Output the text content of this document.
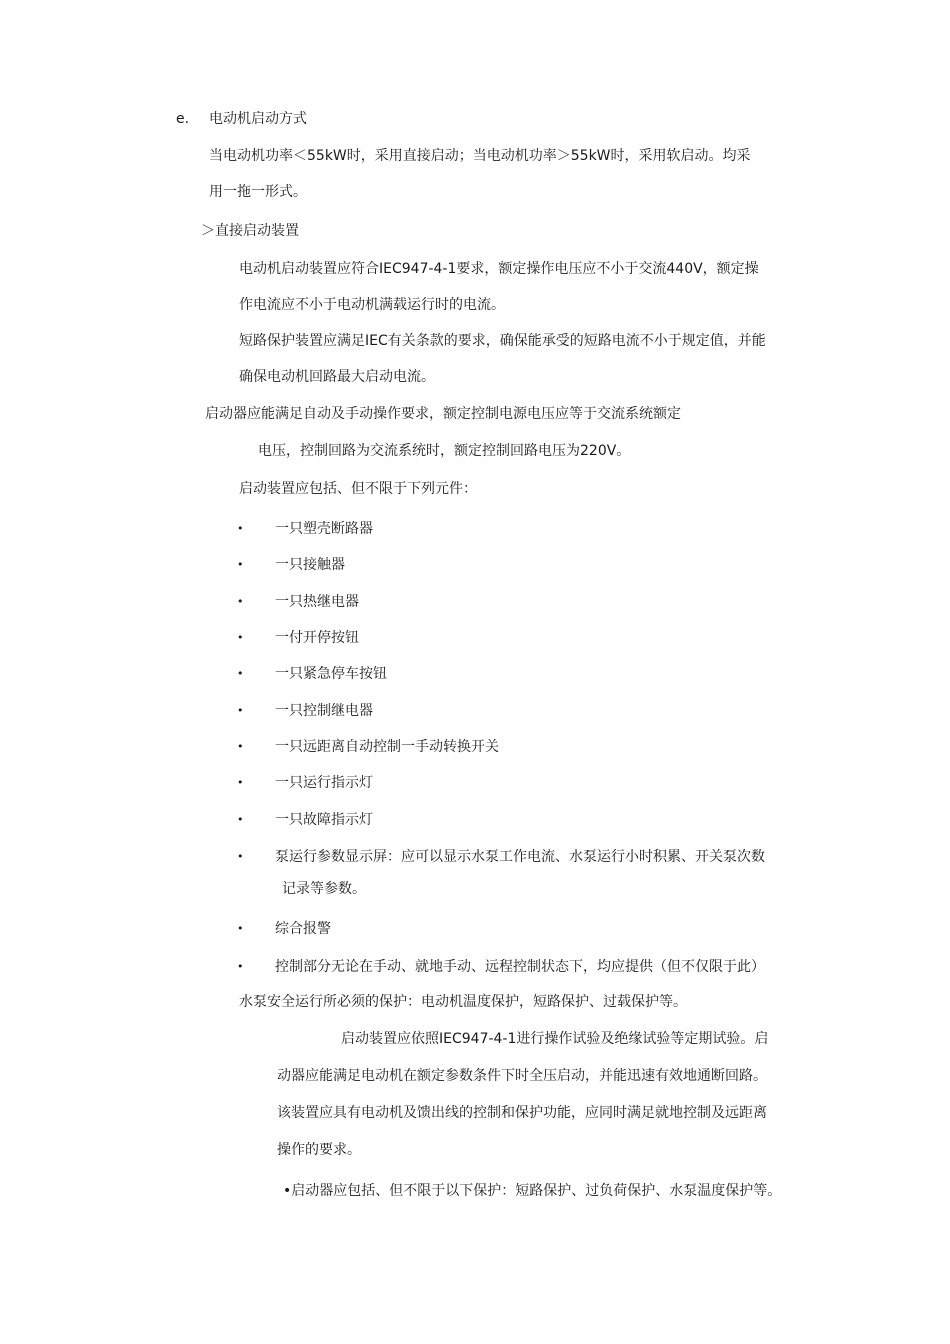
e. 电动机启动方式
当电动机功率＜55kW时，采用直接启动；当电动机功率＞55kW时，采用软启动。均采
用一拖一形式。
＞直接启动装置
电动机启动装置应符合IEC947-4-1要求，额定操作电压应不小于交流440V，额定操
作电流应不小于电动机满载运行时的电流。
短路保护装置应满足IEC有关条款的要求，确保能承受的短路电流不小于规定值，并能
确保电动机回路最大启动电流。
启动器应能满足自动及手动操作要求，额定控制电源电压应等于交流系统额定
电压，控制回路为交流系统时，额定控制回路电压为220V。
启动装置应包括、但不限于下列元件：
• 一只塑壳断路器
• 一只接触器
• 一只热继电器
• 一付开停按钮
• 一只紧急停车按钮
• 一只控制继电器
• 一只远距离自动控制一手动转换开关
• 一只运行指示灯
• 一只故障指示灯
• 泵运行参数显示屏：应可以显示水泵工作电流、水泵运行小时积累、开关泵次数
记录等参数。
• 综合报警
• 控制部分无论在手动、就地手动、远程控制状态下，均应提供（但不仅限于此）
水泵安全运行所必须的保护：电动机温度保护，短路保护、过载保护等。
启动装置应依照IEC947-4-1进行操作试验及绝缘试验等定期试验。启
动器应能满足电动机在额定参数条件下时全压启动，并能迅速有效地通断回路。
该装置应具有电动机及馈出线的控制和保护功能，应同时满足就地控制及远距离
操作的要求。
•启动器应包括、但不限于以下保护：短路保护、过负荷保护、水泵温度保护等。
